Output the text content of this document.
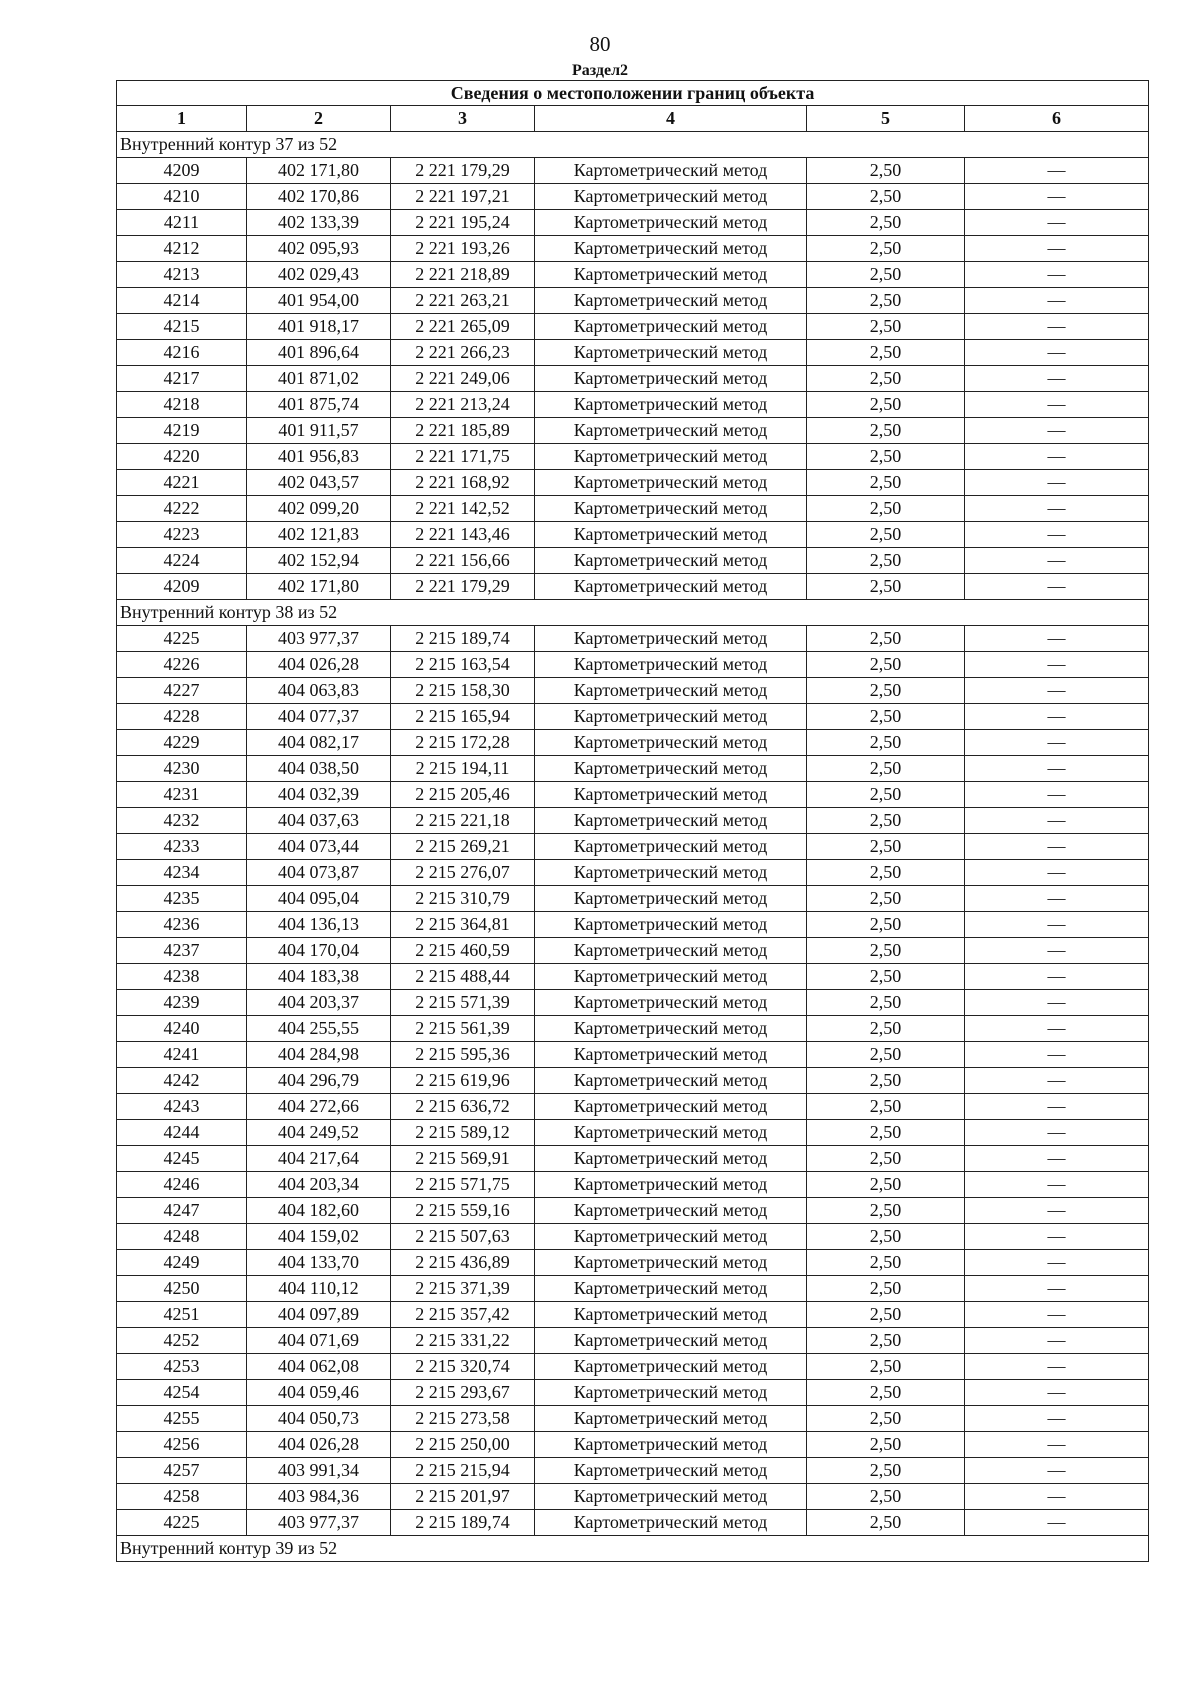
80
Раздел2
Сведения о местоположении границ объекта					
1	2	3	4	5	6
Внутренний контур 37 из 52					
4209	402 171,80	2 221 179,29	Картометрический метод	2,50	—
4210	402 170,86	2 221 197,21	Картометрический метод	2,50	—
4211	402 133,39	2 221 195,24	Картометрический метод	2,50	—
4212	402 095,93	2 221 193,26	Картометрический метод	2,50	—
4213	402 029,43	2 221 218,89	Картометрический метод	2,50	—
4214	401 954,00	2 221 263,21	Картометрический метод	2,50	—
4215	401 918,17	2 221 265,09	Картометрический метод	2,50	—
4216	401 896,64	2 221 266,23	Картометрический метод	2,50	—
4217	401 871,02	2 221 249,06	Картометрический метод	2,50	—
4218	401 875,74	2 221 213,24	Картометрический метод	2,50	—
4219	401 911,57	2 221 185,89	Картометрический метод	2,50	—
4220	401 956,83	2 221 171,75	Картометрический метод	2,50	—
4221	402 043,57	2 221 168,92	Картометрический метод	2,50	—
4222	402 099,20	2 221 142,52	Картометрический метод	2,50	—
4223	402 121,83	2 221 143,46	Картометрический метод	2,50	—
4224	402 152,94	2 221 156,66	Картометрический метод	2,50	—
4209	402 171,80	2 221 179,29	Картометрический метод	2,50	—
Внутренний контур 38 из 52					
4225	403 977,37	2 215 189,74	Картометрический метод	2,50	—
4226	404 026,28	2 215 163,54	Картометрический метод	2,50	—
4227	404 063,83	2 215 158,30	Картометрический метод	2,50	—
4228	404 077,37	2 215 165,94	Картометрический метод	2,50	—
4229	404 082,17	2 215 172,28	Картометрический метод	2,50	—
4230	404 038,50	2 215 194,11	Картометрический метод	2,50	—
4231	404 032,39	2 215 205,46	Картометрический метод	2,50	—
4232	404 037,63	2 215 221,18	Картометрический метод	2,50	—
4233	404 073,44	2 215 269,21	Картометрический метод	2,50	—
4234	404 073,87	2 215 276,07	Картометрический метод	2,50	—
4235	404 095,04	2 215 310,79	Картометрический метод	2,50	—
4236	404 136,13	2 215 364,81	Картометрический метод	2,50	—
4237	404 170,04	2 215 460,59	Картометрический метод	2,50	—
4238	404 183,38	2 215 488,44	Картометрический метод	2,50	—
4239	404 203,37	2 215 571,39	Картометрический метод	2,50	—
4240	404 255,55	2 215 561,39	Картометрический метод	2,50	—
4241	404 284,98	2 215 595,36	Картометрический метод	2,50	—
4242	404 296,79	2 215 619,96	Картометрический метод	2,50	—
4243	404 272,66	2 215 636,72	Картометрический метод	2,50	—
4244	404 249,52	2 215 589,12	Картометрический метод	2,50	—
4245	404 217,64	2 215 569,91	Картометрический метод	2,50	—
4246	404 203,34	2 215 571,75	Картометрический метод	2,50	—
4247	404 182,60	2 215 559,16	Картометрический метод	2,50	—
4248	404 159,02	2 215 507,63	Картометрический метод	2,50	—
4249	404 133,70	2 215 436,89	Картометрический метод	2,50	—
4250	404 110,12	2 215 371,39	Картометрический метод	2,50	—
4251	404 097,89	2 215 357,42	Картометрический метод	2,50	—
4252	404 071,69	2 215 331,22	Картометрический метод	2,50	—
4253	404 062,08	2 215 320,74	Картометрический метод	2,50	—
4254	404 059,46	2 215 293,67	Картометрический метод	2,50	—
4255	404 050,73	2 215 273,58	Картометрический метод	2,50	—
4256	404 026,28	2 215 250,00	Картометрический метод	2,50	—
4257	403 991,34	2 215 215,94	Картометрический метод	2,50	—
4258	403 984,36	2 215 201,97	Картометрический метод	2,50	—
4225	403 977,37	2 215 189,74	Картометрический метод	2,50	—
Внутренний контур 39 из 52					
